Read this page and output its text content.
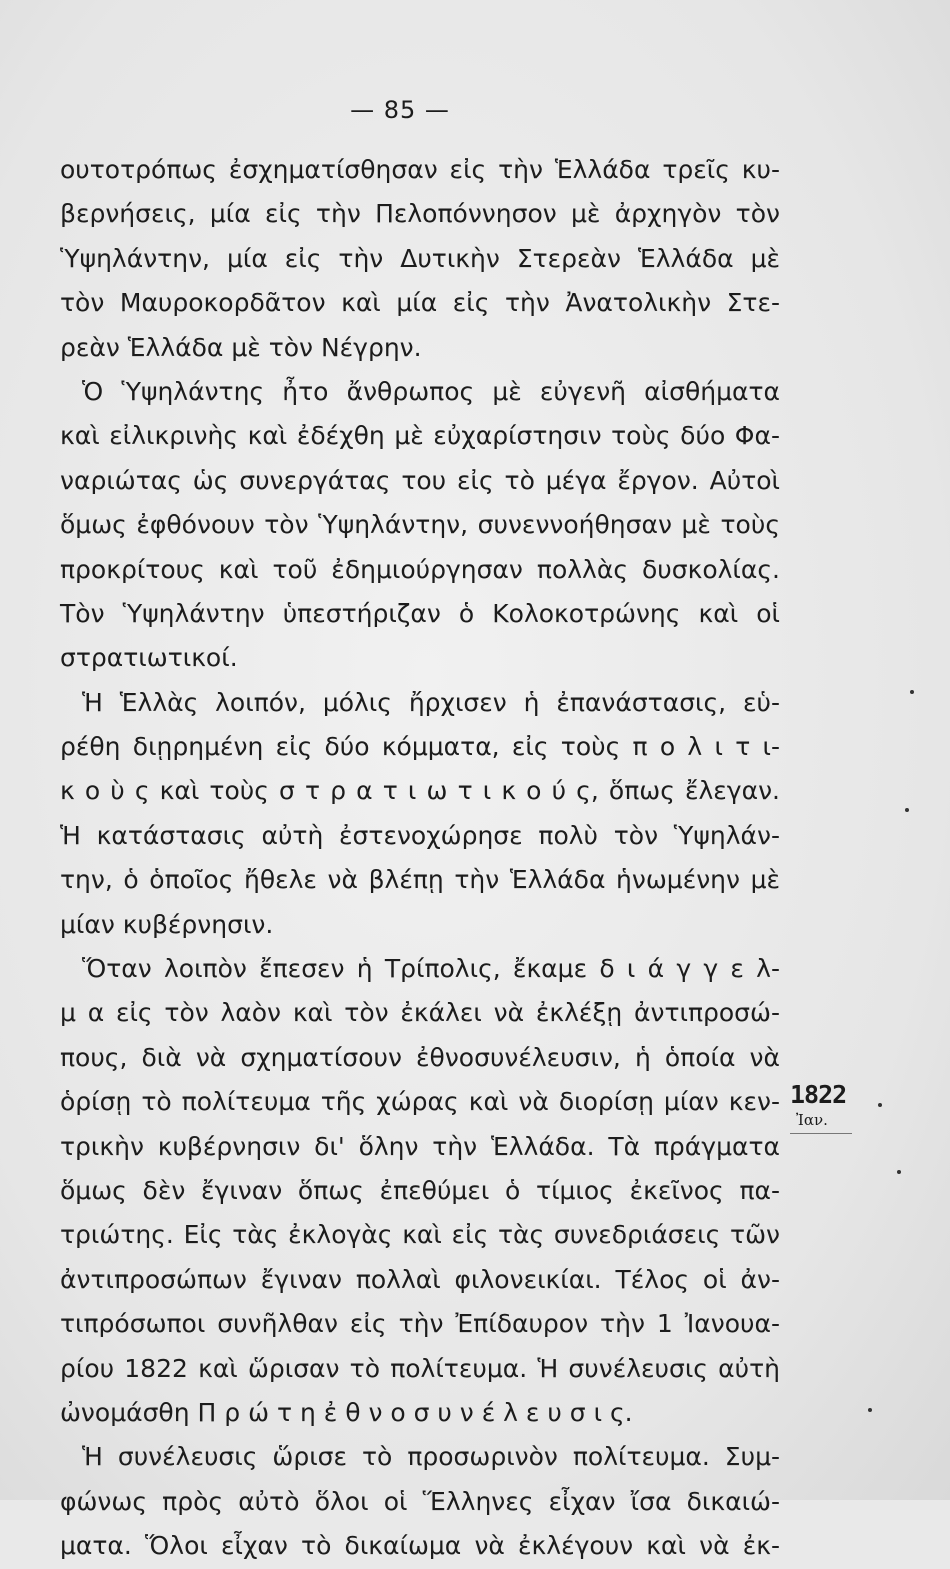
— 85 —
ουτοτρόπως ἐσχηματίσθησαν εἰς τὴν Ἑλλάδα τρεῖς κυ-
βερνήσεις, μία εἰς τὴν Πελοπόννησον μὲ ἀρχηγὸν τὸν
Ὑψηλάντην, μία εἰς τὴν Δυτικὴν Στερεὰν Ἑλλάδα μὲ
τὸν Μαυροκορδᾶτον καὶ μία εἰς τὴν Ἀνατολικὴν Στε-
ρεὰν Ἑλλάδα μὲ τὸν Νέγρην.
Ὁ Ὑψηλάντης ἦτο ἄνθρωπος μὲ εὐγενῆ αἰσθήματα
καὶ εἰλικρινὴς καὶ ἐδέχθη μὲ εὐχαρίστησιν τοὺς δύο Φα-
ναριώτας ὡς συνεργάτας του εἰς τὸ μέγα ἔργον. Αὐτοὶ
ὅμως ἐφθόνουν τὸν Ὑψηλάντην, συνεννοήθησαν μὲ τοὺς
προκρίτους καὶ τοῦ ἐδημιούργησαν πολλὰς δυσκολίας.
Τὸν Ὑψηλάντην ὑπεστήριζαν ὁ Κολοκοτρώνης καὶ οἱ
στρατιωτικοί.
Ἡ Ἑλλὰς λοιπόν, μόλις ἤρχισεν ἡ ἐπανάστασις, εὑ-
ρέθη διῃρημένη εἰς δύο κόμματα, εἰς τοὺς π ο λ ι τ ι-
κ ο ὺ ς καὶ τοὺς σ τ ρ α τ ι ω τ ι κ ο ύ ς, ὅπως ἔλεγαν.
Ἡ κατάστασις αὐτὴ ἐστενοχώρησε πολὺ τὸν Ὑψηλάν-
την, ὁ ὁποῖος ἤθελε νὰ βλέπῃ τὴν Ἑλλάδα ἡνωμένην μὲ
μίαν κυβέρνησιν.
Ὅταν λοιπὸν ἔπεσεν ἡ Τρίπολις, ἔκαμε δ ι ά γ γ ε λ-
μ α εἰς τὸν λαὸν καὶ τὸν ἐκάλει νὰ ἐκλέξῃ ἀντιπροσώ-
πους, διὰ νὰ σχηματίσουν ἐθνοσυνέλευσιν, ἡ ὁποία νὰ
ὁρίσῃ τὸ πολίτευμα τῆς χώρας καὶ νὰ διορίσῃ μίαν κεν-
τρικὴν κυβέρνησιν δι' ὅλην τὴν Ἑλλάδα. Τὰ πράγματα
ὅμως δὲν ἔγιναν ὅπως ἐπεθύμει ὁ τίμιος ἐκεῖνος πα-
τριώτης. Εἰς τὰς ἐκλογὰς καὶ εἰς τὰς συνεδριάσεις τῶν
ἀντιπροσώπων ἔγιναν πολλαὶ φιλονεικίαι. Τέλος οἱ ἀν-
τιπρόσωποι συνῆλθαν εἰς τὴν Ἐπίδαυρον τὴν 1 Ἰανουα-
ρίου 1822 καὶ ὥρισαν τὸ πολίτευμα. Ἡ συνέλευσις αὐτὴ
ὠνομάσθη Π ρ ώ τ η ἐ θ ν ο σ υ ν έ λ ε υ σ ι ς.
Ἡ συνέλευσις ὥρισε τὸ προσωρινὸν πολίτευμα. Συμ-
φώνως πρὸς αὐτὸ ὅλοι οἱ Ἕλληνες εἶχαν ἴσα δικαιώ-
ματα. Ὅλοι εἶχαν τὸ δικαίωμα νὰ ἐκλέγουν καὶ νὰ ἐκ-
1822
Ἰαν.
